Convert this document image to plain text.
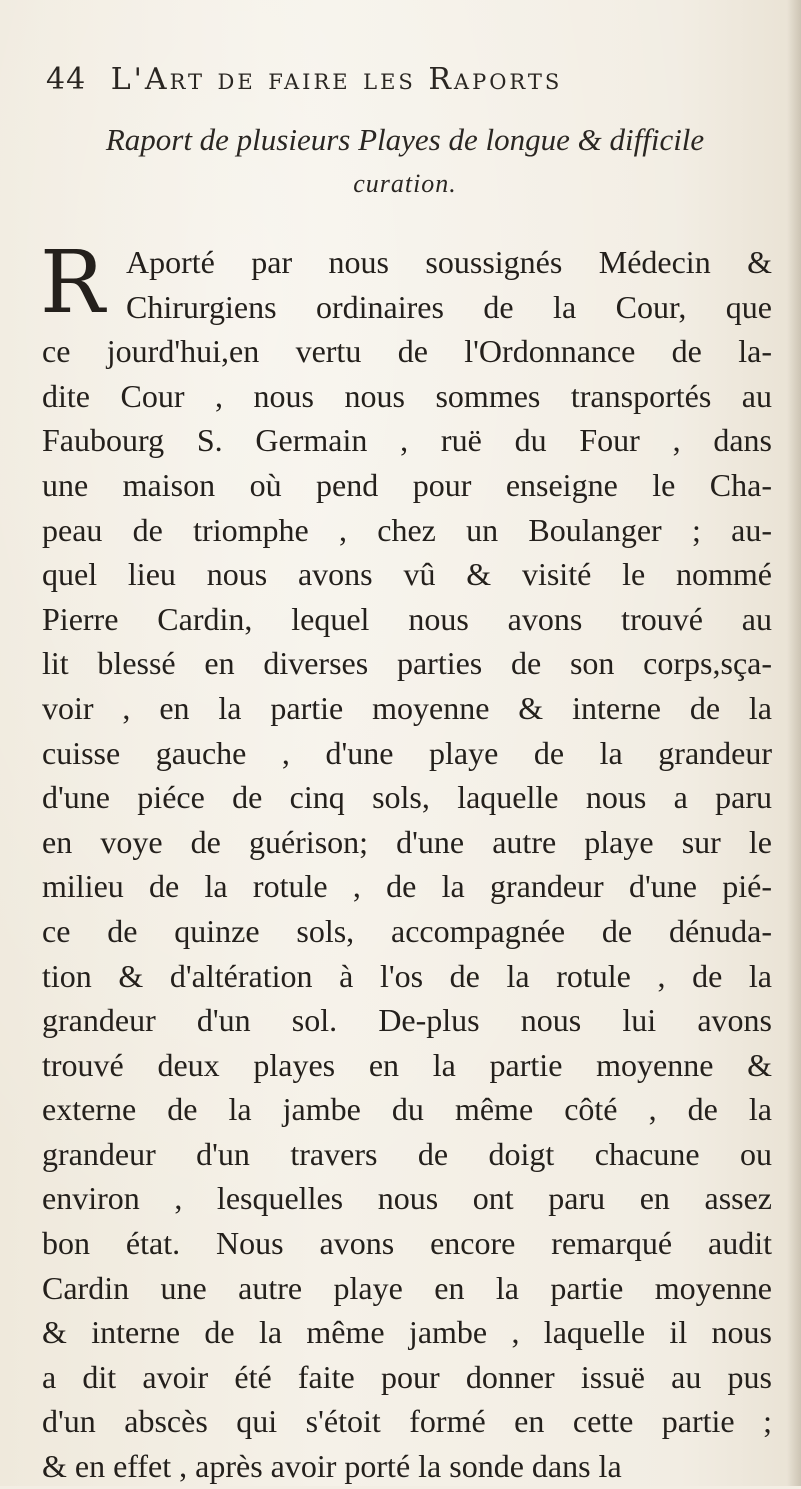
44 L'Art de faire les Raports
Raport de plusieurs Playes de longue & difficile
curation.
R Aporté par nous soussignés Médecin &
Chirurgiens ordinaires de la Cour, que
ce jourd'hui,en vertu de l'Ordonnance de la-
dite Cour , nous nous sommes transportés au
Faubourg S. Germain , ruë du Four , dans
une maison où pend pour enseigne le Cha-
peau de triomphe , chez un Boulanger ; au-
quel lieu nous avons vû & visité le nommé
Pierre Cardin, lequel nous avons trouvé au
lit blessé en diverses parties de son corps,sça-
voir , en la partie moyenne & interne de la
cuisse gauche , d'une playe de la grandeur
d'une piéce de cinq sols, laquelle nous a paru
en voye de guérison; d'une autre playe sur le
milieu de la rotule , de la grandeur d'une pié-
ce de quinze sols, accompagnée de dénuda-
tion & d'altération à l'os de la rotule , de la
grandeur d'un sol. De-plus nous lui avons
trouvé deux playes en la partie moyenne &
externe de la jambe du même côté , de la
grandeur d'un travers de doigt chacune ou
environ , lesquelles nous ont paru en assez
bon état. Nous avons encore remarqué audit
Cardin une autre playe en la partie moyenne
& interne de la même jambe , laquelle il nous
a dit avoir été faite pour donner issuë au pus
d'un abscès qui s'étoit formé en cette partie ;
& en effet , après avoir porté la sonde dans la
